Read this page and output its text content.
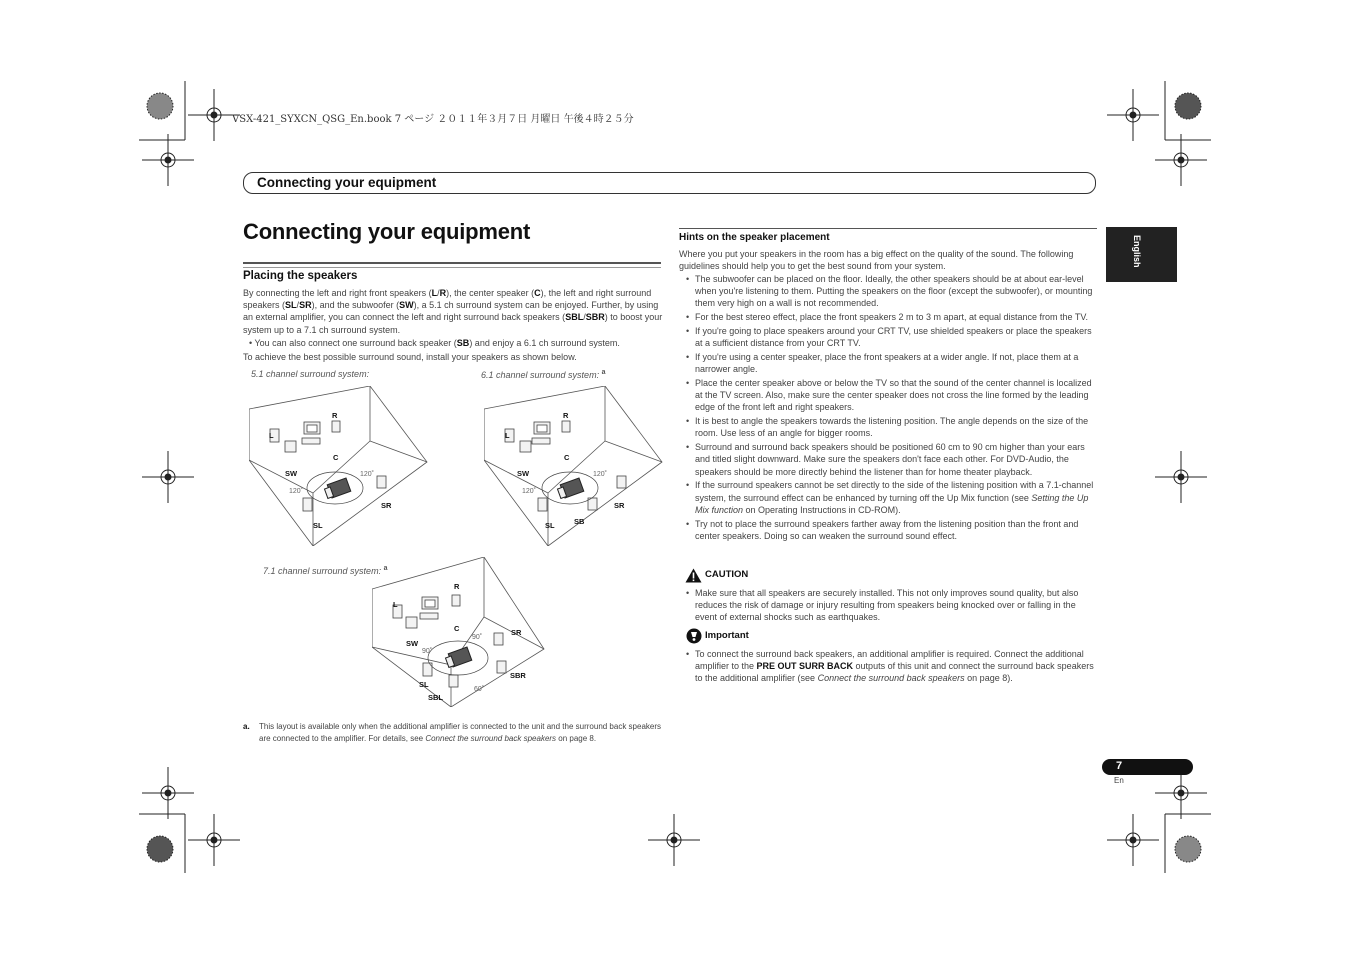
VSX-421_SYXCN_QSG_En.book 7 ページ ２０１１年３月７日 月曜日 午後４時２５分
Connecting your equipment
Connecting your equipment
Placing the speakers

By connecting the left and right front speakers (L/R), the center speaker (C), the left and right surround speakers (SL/SR), and the subwoofer (SW), a 5.1 ch surround system can be enjoyed. Further, by using an external amplifier, you can connect the left and right surround back speakers (SBL/SBR) to boost your system up to a 7.1 ch surround system.

• You can also connect one surround back speaker (SB) and enjoy a 6.1 ch surround system.

To achieve the best possible surround sound, install your speakers as shown below.

5.1 channel surround system:	6.1 channel surround system: $^a$
7.1 channel surround system: $^a$
L
R
C
SW
SR
SL
120˚
120˚
L
R
C
SW
SR
SB
SL
120˚
120˚
L
R
C
SW
SR
SL
SBR
SBL
90˚
90˚
60˚
a. This layout is available only when the additional amplifier is connected to the unit and the surround back speakers are connected to the amplifier. For details, see Connect the surround back speakers on page 8.
Hints on the speaker placement

Where you put your speakers in the room has a big effect on the quality of the sound. The following guidelines should help you to get the best sound from your system.

• The subwoofer can be placed on the floor. Ideally, the other speakers should be at about ear-level when you're listening to them. Putting the speakers on the floor (except the subwoofer), or mounting them very high on a wall is not recommended.
• For the best stereo effect, place the front speakers 2 m to 3 m apart, at equal distance from the TV.
• If you're going to place speakers around your CRT TV, use shielded speakers or place the speakers at a sufficient distance from your CRT TV.
• If you're using a center speaker, place the front speakers at a wider angle. If not, place them at a narrower angle.
• Place the center speaker above or below the TV so that the sound of the center channel is localized at the TV screen. Also, make sure the center speaker does not cross the line formed by the leading edge of the front left and right speakers.
• It is best to angle the speakers towards the listening position. The angle depends on the size of the room. Use less of an angle for bigger rooms.
• Surround and surround back speakers should be positioned 60 cm to 90 cm higher than your ears and titled slight downward. Make sure the speakers don't face each other. For DVD-Audio, the speakers should be more directly behind the listener than for home theater playback.
• If the surround speakers cannot be set directly to the side of the listening position with a 7.1-channel system, the surround effect can be enhanced by turning off the Up Mix function (see Setting the Up Mix function on Operating Instructions in CD-ROM).
• Try not to place the surround speakers farther away from the listening position than the front and center speakers. Doing so can weaken the surround sound effect.
CAUTION
• Make sure that all speakers are securely installed. This not only improves sound quality, but also reduces the risk of damage or injury resulting from speakers being knocked over or falling in the event of external shocks such as earthquakes.
Important
• To connect the surround back speakers, an additional amplifier is required. Connect the additional amplifier to the PRE OUT SURR BACK outputs of this unit and connect the surround back speakers to the additional amplifier (see Connect the surround back speakers on page 8).
English
7
En
